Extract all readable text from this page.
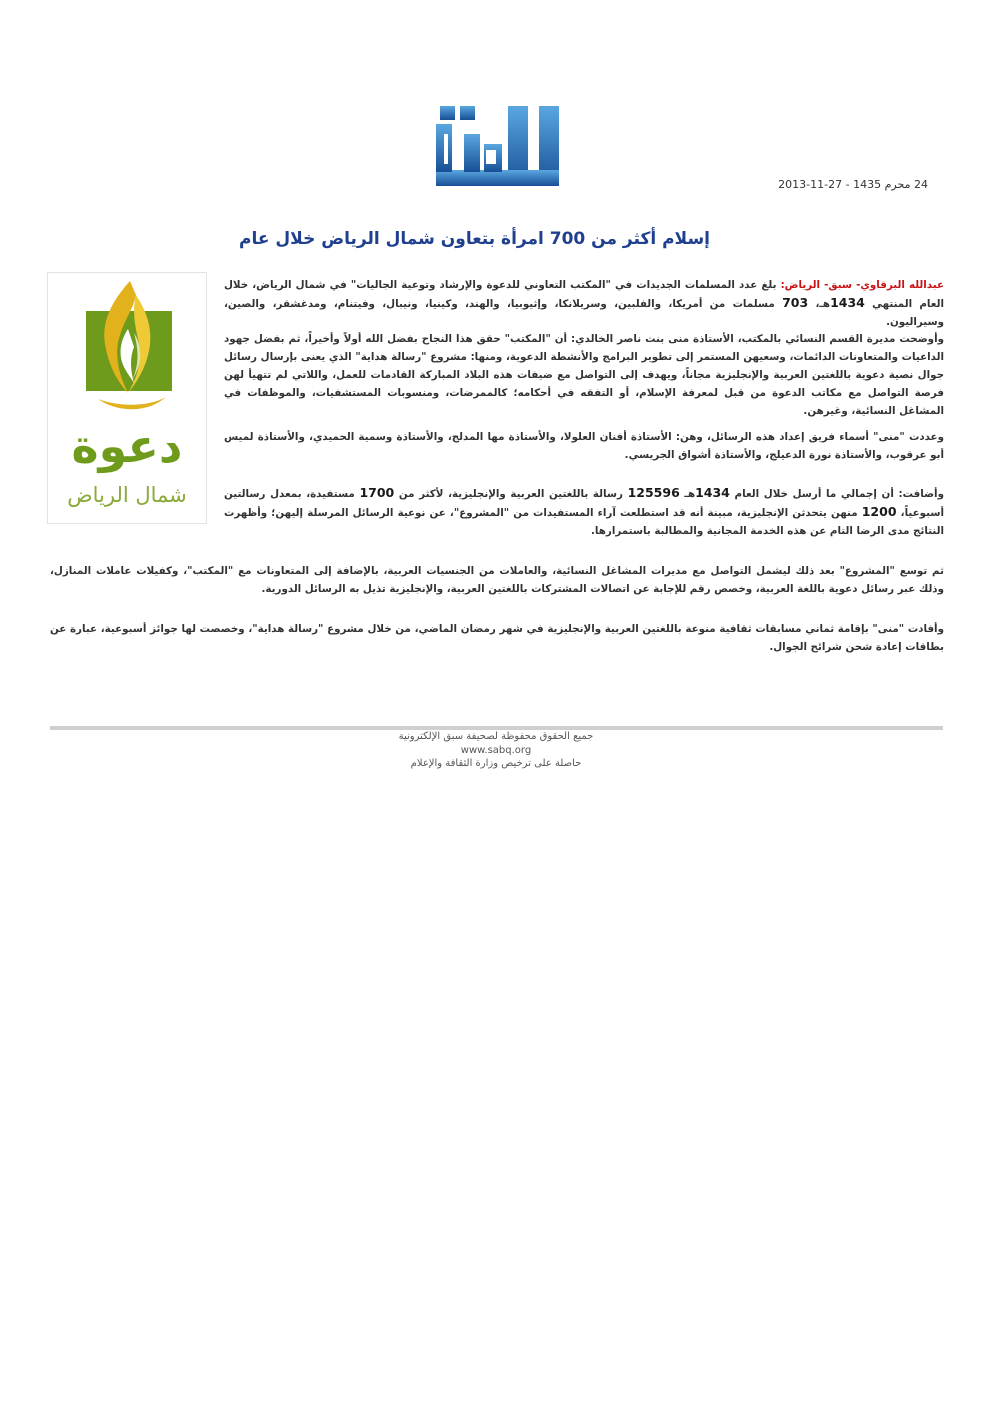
24 محرم 1435 - 27-11-2013
إسلام أكثر من 700 امرأة بتعاون شمال الرياض خلال عام
دعوة
شمال الرياض

عبدالله البرقاوي- سبق- الرياض: بلغ عدد المسلمات الجديدات في "المكتب التعاوني للدعوة والإرشاد وتوعية الجاليات" في شمال الرياض، خلال العام المنتهي 1434هـ، 703 مسلمات من أمريكا، والفلبين، وسريلانكا، وإثيوبيا، والهند، وكينيا، ونيبال، وفيتنام، ومدغشقر، والصين، وسيراليون.

وأوضحت مديرة القسم النسائي بالمكتب، الأستاذة منى بنت ناصر الخالدي: أن "المكتب" حقق هذا النجاح بفضل الله أولاً وأخيراً، ثم بفضل جهود الداعيات والمتعاونات الدائمات، وسعيهن المستمر إلى تطوير البرامج والأنشطة الدعوية، ومنها: مشروع "رسالة هداية" الذي يعنى بإرسال رسائل جوال نصية دعوية باللغتين العربية والإنجليزية مجاناً، ويهدف إلى التواصل مع ضيفات هذه البلاد المباركة القادمات للعمل، واللاتي لم تتهيأ لهن فرصة التواصل مع مكاتب الدعوة من قبل لمعرفة الإسلام، أو التفقه في أحكامه؛ كالممرضات، ومنسوبات المستشفيات، والموظفات في المشاغل النسائية، وغيرهن.

وعددت "منى" أسماء فريق إعداد هذه الرسائل، وهن: الأستاذة أفنان العلولا، والأستاذة مها المدلج، والأستاذة وسمية الحميدي، والأستاذة لميس أبو عرقوب، والأستاذة نورة الدعيلج، والأستاذة أشواق الجريسي.

وأضافت: أن إجمالي ما أرسل خلال العام 1434هـ 125596 رسالة باللغتين العربية والإنجليزية، لأكثر من 1700 مستفيدة، بمعدل رسالتين أسبوعياً، 1200 منهن يتحدثن الإنجليزية، مبينة أنه قد استطلعت آراء المستفيدات من "المشروع"، عن نوعية الرسائل المرسلة إليهن؛ وأظهرت النتائج مدى الرضا التام عن هذه الخدمة المجانية والمطالبة باستمرارها.

ثم توسع "المشروع" بعد ذلك ليشمل التواصل مع مديرات المشاغل النسائية، والعاملات من الجنسيات العربية، بالإضافة إلى المتعاونات مع "المكتب"، وكفيلات عاملات المنازل، وذلك عبر رسائل دعوية باللغة العربية، وخصص رقم للإجابة عن اتصالات المشتركات باللغتين العربية، والإنجليزية تذيل به الرسائل الدورية.

وأفادت "منى" بإقامة ثماني مسابقات ثقافية منوعة باللغتين العربية والإنجليزية في شهر رمضان الماضي، من خلال مشروع "رسالة هداية"، وخصصت لها جوائز أسبوعية، عبارة عن بطاقات إعادة شحن شرائح الجوال.

جميع الحقوق محفوظة لصحيفة سبق الإلكترونية
www.sabq.org
حاصلة على ترخيص وزارة الثقافة والإعلام
